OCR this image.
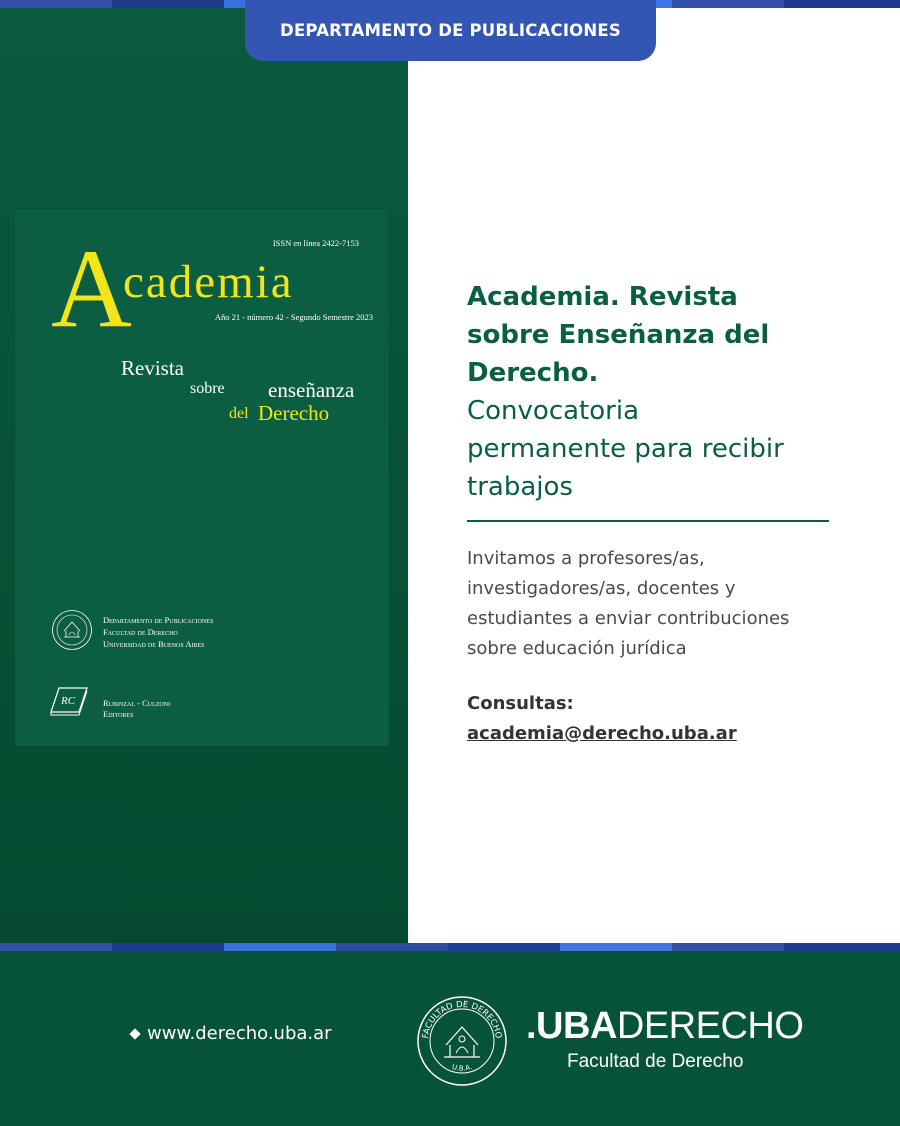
DEPARTAMENTO DE PUBLICACIONES
ISSN en línea 2422-7153
A
cademia
Año 21 - número 42 - Segundo Semestre 2023
Revista
sobre enseñanza
del Derecho
Departamento de Publicaciones
Facultad de Derecho
Universidad de Buenos Aires
RC	Rubinzal - Culzoni
Editores
Academia. Revista
sobre Enseñanza del
Derecho.
Convocatoria
permanente para recibir
trabajos
Invitamos a profesores/as,
investigadores/as, docentes y
estudiantes a enviar contribuciones
sobre educación jurídica
Consultas:
academia@derecho.uba.ar
www.derecho.uba.ar	FACULTAD DE DERECHO
U.B.A.
.UBADERECHO
Facultad de Derecho
